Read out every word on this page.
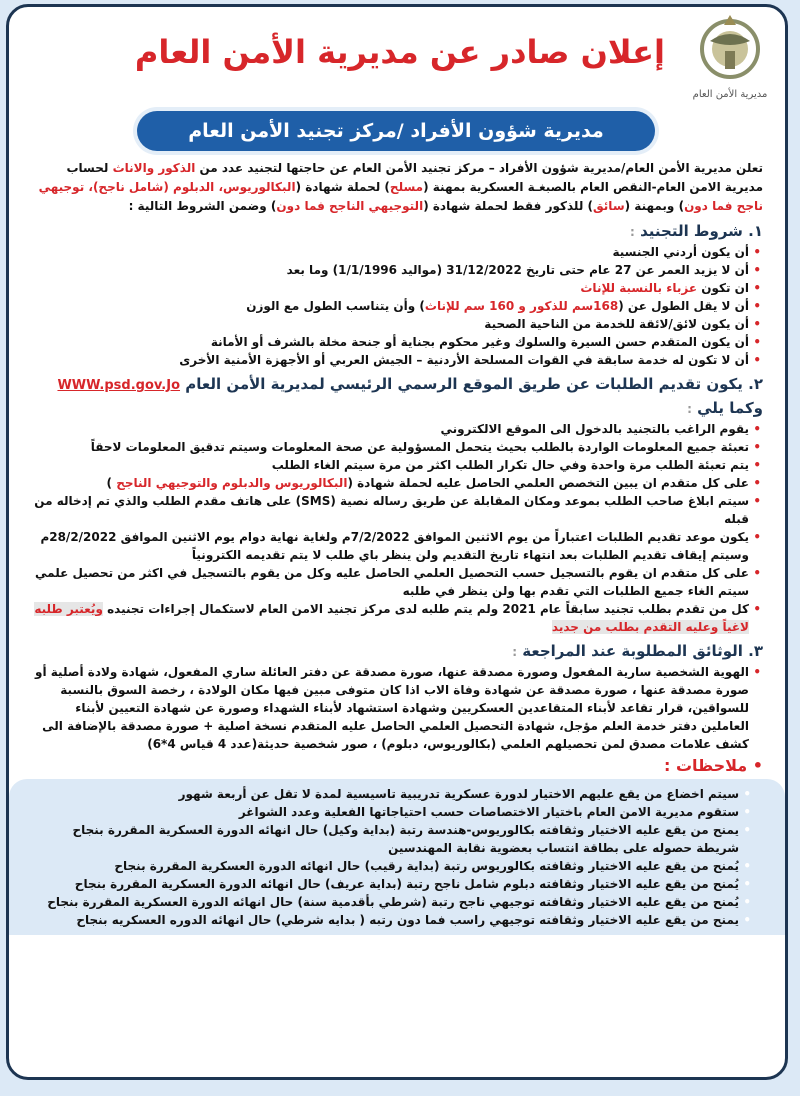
مديرية الأمن العام
إعلان صادر عن مديرية الأمن العام
مديرية شؤون الأفراد /مركز تجنيد الأمن العام
تعلن مديرية الأمن العام/مديرية شؤون الأفراد – مركز تجنيد الأمن العام عن حاجتها لتجنيد عدد من الذكور والاناث لحساب مديرية الامن العام-النقص العام بالصبغـة العسكرية بمهنة (مسلح) لحملة شهادة (البكالوريوس، الدبلوم (شامل ناجح)، توجيهي ناجح فما دون) وبمهنة (سائق) للذكور فقط لحملة شهادة (التوجيهي الناجح فما دون) وضمن الشروط التالية :
١. شروط التجنيد :
• أن يكون أردني الجنسية
• أن لا يزيد العمر عن 27 عام حتى تاريخ 31/12/2022 (مواليد 1/1/1996) وما بعد
• ان تكون عزباء بالنسبة للإناث
• أن لا يقل الطول عن (168سم للذكور و 160 سم للإناث) وأن يتناسب الطول مع الوزن
• أن يكون لائق/لائقة للخدمة من الناحية الصحية
• أن يكون المتقدم حسن السيرة والسلوك وغير محكوم بجناية أو جنحة مخلة بالشرف أو الأمانة
• أن لا تكون له خدمة سابقة في القوات المسلحة الأردنية – الجيش العربي أو الأجهزة الأمنية الأخرى
٢. يكون تقديم الطلبات عن طريق الموقع الرسمي الرئيسي لمديرية الأمن العام WWW.psd.gov.Jo وكما يلي :
• يقوم الراغب بالتجنيد بالدخول الى الموقع الالكتروني
• تعبئة جميع المعلومات الواردة بالطلب بحيث يتحمل المسؤولية عن صحة المعلومات وسيتم تدقيق المعلومات لاحقاً
• يتم تعبئة الطلب مرة واحدة وفي حال تكرار الطلب اكثر من مرة سيتم الغاء الطلب
• على كل متقدم ان يبين التخصص العلمي الحاصل عليه لحملة شهادة (البكالوريوس والدبلوم والتوجيهي الناجح )
• سيتم ابلاغ صاحب الطلب بموعد ومكان المقابلة عن طريق رساله نصية (SMS) على هاتف مقدم الطلب والذي تم إدخاله من قبله
• يكون موعد تقديم الطلبات اعتباراً من يوم الاثنين الموافق 7/2/2022م ولغاية نهاية دوام يوم الاثنين الموافق 28/2/2022م وسيتم إيقاف تقديم الطلبات بعد انتهاء تاريخ التقديم ولن ينظر باي طلب لا يتم تقديمه الكترونياً
• على كل متقدم ان يقوم بالتسجيل حسب التحصيل العلمي الحاصل عليه وكل من يقوم بالتسجيل في اكثر من تحصيل علمي سيتم الغاء جميع الطلبات التي تقدم بها ولن ينظر في طلبه
• كل من تقدم بطلب تجنيد سابقاً عام 2021 ولم يتم طلبه لدى مركز تجنيد الامن العام لاستكمال إجراءات تجنيده ويُعتبر طلبه لاغياً وعليه التقدم بطلب من جديد
٣. الوثائق المطلوبة عند المراجعة :
• الهوية الشخصية سارية المفعول وصورة مصدقة عنها، صورة مصدقة عن دفتر العائلة ساري المفعول، شهادة ولادة أصلية أو صورة مصدقة عنها ، صورة مصدقة عن شهادة وفاة الاب اذا كان متوفى مبين فيها مكان الولادة ، رخصة السوق بالنسبة للسواقين، قرار تقاعد لأبناء المتقاعدين العسكريين وشهادة استشهاد لأبناء الشهداء وصورة عن شهادة التعيين لأبناء العاملين دفتر خدمة العلم مؤجل، شهادة التحصيل العلمي الحاصل عليه المتقدم نسخة اصلية + صورة مصدقة بالإضافة الى كشف علامات مصدق لمن تحصيلهم العلمي (بكالوريوس، دبلوم) ، صور شخصية حديثة(عدد 4 قياس 4*6)
• ملاحظات :
• سيتم اخضاع من يقع عليهم الاختيار لدورة عسكرية تدريبية تاسيسية لمدة لا تقل عن أربعة شهور
• ستقوم مديرية الامن العام باختيار الاختصاصات حسب احتياجاتها الفعلية وعدد الشواغر
• يمنح من يقع عليه الاختيار وثقافته بكالوريوس-هندسة رتبة (بداية وكيل) حال انهائه الدورة العسكرية المقررة بنجاح شريطة حصوله على بطاقة انتساب بعضوية نقابة المهندسين
• يُمنح من يقع عليه الاختيار وثقافته بكالوريوس رتبة (بداية رقيب) حال انهائه الدورة العسكرية المقررة بنجاح
• يُمنح من يقع عليه الاختيار وثقافته دبلوم شامل ناجح رتبة (بداية عريف) حال انهائه الدورة العسكرية المقررة بنجاح
• يُمنح من يقع عليه الاختيار وثقافته توجيهي ناجح رتبة (شرطي بأقدمية سنة) حال انهائه الدورة العسكرية المقررة بنجاح
• يمنح من يقع عليه الاختيار وثقافته توجيهي راسب فما دون رتبه ( بدايه شرطي) حال انهائه الدوره العسكريه بنجاح
